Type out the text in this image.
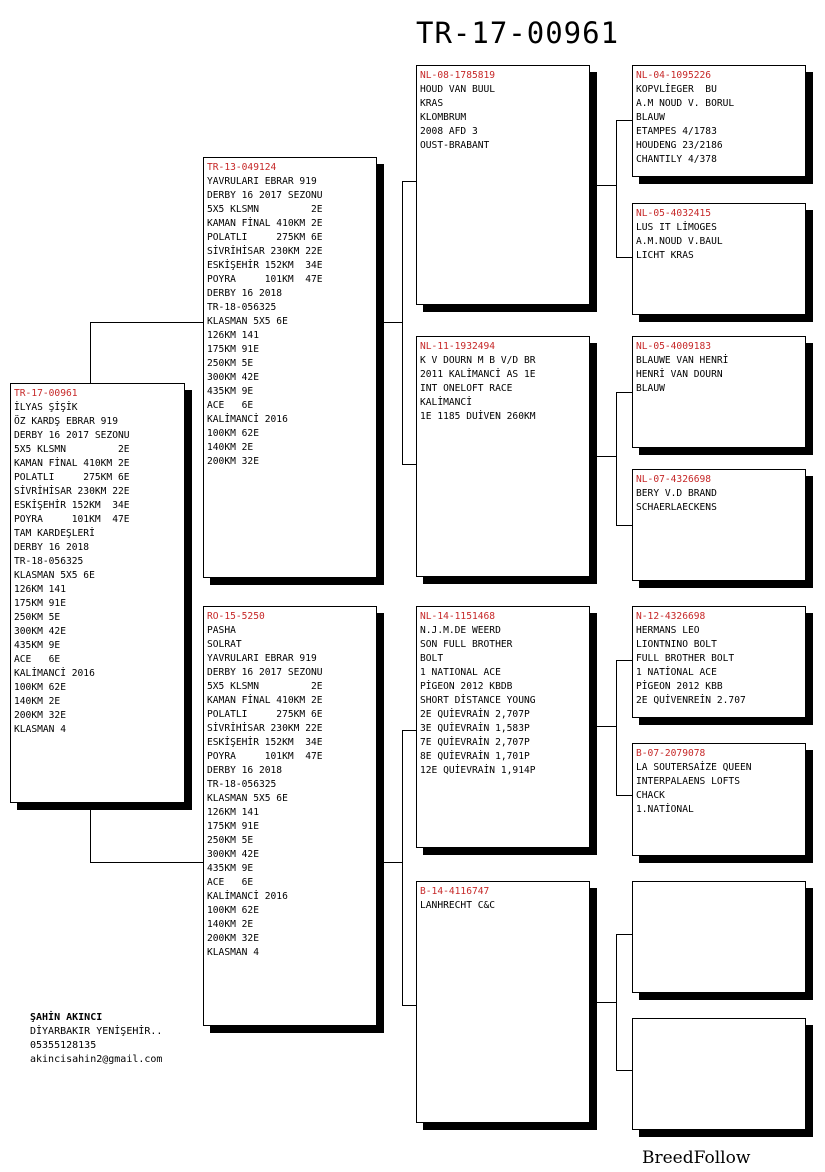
TR-17-00961
TR-17-00961
İLYAS ŞİŞİK
ÖZ KARDŞ EBRAR 919
DERBY 16 2017 SEZONU
5X5 KLSMN         2E
KAMAN FİNAL 410KM 2E
POLATLI     275KM 6E
SİVRİHİSAR 230KM 22E
ESKİŞEHİR 152KM  34E
POYRA     101KM  47E
TAM KARDEŞLERİ
DERBY 16 2018
TR-18-056325
KLASMAN 5X5 6E
126KM 141
175KM 91E
250KM 5E
300KM 42E
435KM 9E
ACE   6E
KALİMANCİ 2016
100KM 62E
140KM 2E
200KM 32E
KLASMAN 4
TR-13-049124
YAVRULARI EBRAR 919
DERBY 16 2017 SEZONU
5X5 KLSMN         2E
KAMAN FİNAL 410KM 2E
POLATLI     275KM 6E
SİVRİHİSAR 230KM 22E
ESKİŞEHİR 152KM  34E
POYRA     101KM  47E
DERBY 16 2018
TR-18-056325
KLASMAN 5X5 6E
126KM 141
175KM 91E
250KM 5E
300KM 42E
435KM 9E
ACE   6E
KALİMANCİ 2016
100KM 62E
140KM 2E
200KM 32E
RO-15-5250
PASHA
SOLRAT
YAVRULARI EBRAR 919
DERBY 16 2017 SEZONU
5X5 KLSMN         2E
KAMAN FİNAL 410KM 2E
POLATLI     275KM 6E
SİVRİHİSAR 230KM 22E
ESKİŞEHİR 152KM  34E
POYRA     101KM  47E
DERBY 16 2018
TR-18-056325
KLASMAN 5X5 6E
126KM 141
175KM 91E
250KM 5E
300KM 42E
435KM 9E
ACE   6E
KALİMANCİ 2016
100KM 62E
140KM 2E
200KM 32E
KLASMAN 4
NL-08-1785819
HOUD VAN BUUL
KRAS
KLOMBRUM
2008 AFD 3
OUST-BRABANT
NL-11-1932494
K V DOURN M B V/D BR
2011 KALİMANCİ AS 1E
INT ONELOFT RACE
KALİMANCİ
1E 1185 DUİVEN 260KM
NL-14-1151468
N.J.M.DE WEERD
SON FULL BROTHER
BOLT
1 NATIONAL ACE
PİGEON 2012 KBDB
SHORT DİSTANCE YOUNG
2E QUİEVRAİN 2,707P
3E QUİEVRAİN 1,583P
7E QUİEVRAİN 2,707P
8E QUİEVRAİN 1,701P
12E QUİEVRAİN 1,914P
B-14-4116747
LANHRECHT C&C
NL-04-1095226
KOPVLİEGER  BU
A.M NOUD V. BORUL
BLAUW
ETAMPES 4/1783
HOUDENG 23/2186
CHANTILY 4/378
NL-05-4032415
LUS IT LİMOGES
A.M.NOUD V.BAUL
LICHT KRAS
NL-05-4009183
BLAUWE VAN HENRİ
HENRİ VAN DOURN
BLAUW
NL-07-4326698
BERY V.D BRAND
SCHAERLAECKENS
N-12-4326698
HERMANS LEO
LIONTNINO BOLT
FULL BROTHER BOLT
1 NATİONAL ACE
PİGEON 2012 KBB
2E QUİVENREİN 2.707
B-07-2079078
LA SOUTERSAİZE QUEEN
INTERPALAENS LOFTS
CHACK
1.NATİONAL
ŞAHİN AKINCI
DİYARBAKIR YENİŞEHİR..
05355128135
akincisahin2@gmail.com
BreedFollow
